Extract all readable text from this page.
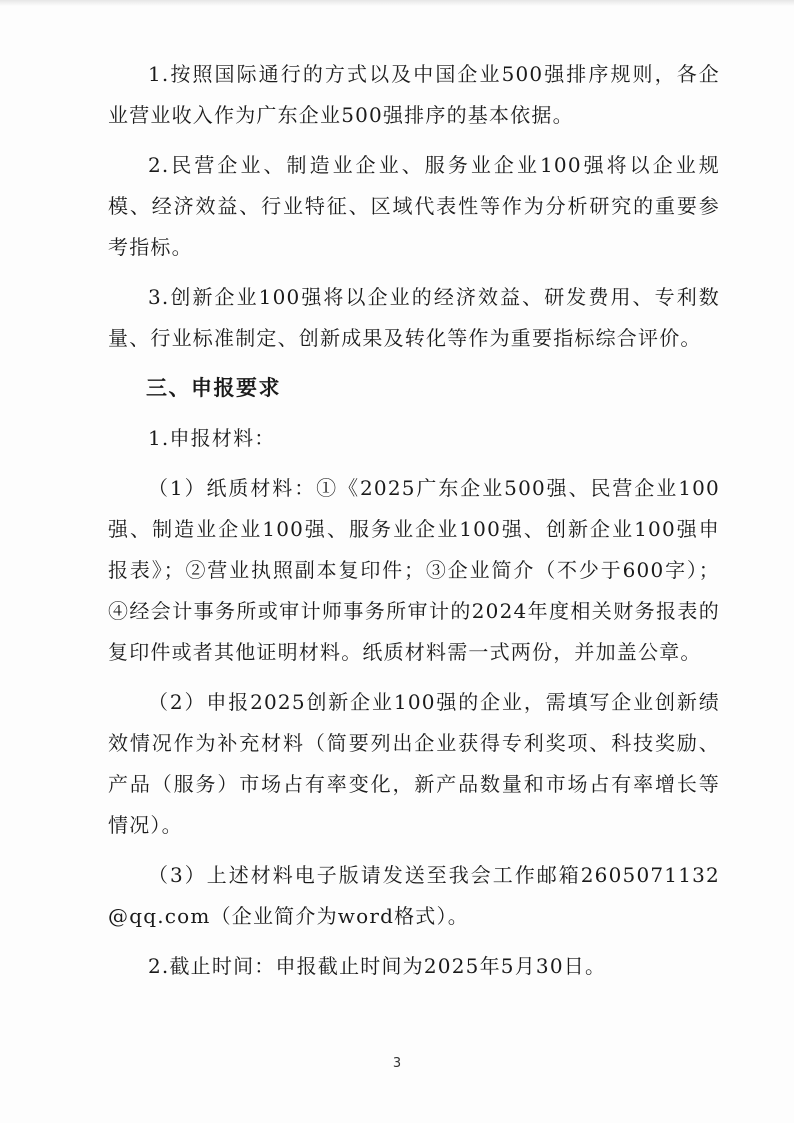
1.按照国际通行的方式以及中国企业500强排序规则，各企业营业收入作为广东企业500强排序的基本依据。

2.民营企业、制造业企业、服务业企业100强将以企业规模、经济效益、行业特征、区域代表性等作为分析研究的重要参考指标。

3.创新企业100强将以企业的经济效益、研发费用、专利数量、行业标准制定、创新成果及转化等作为重要指标综合评价。

三、申报要求

1.申报材料：

（1）纸质材料：①《2025广东企业500强、民营企业100强、制造业企业100强、服务业企业100强、创新企业100强申报表》；②营业执照副本复印件；③企业简介（不少于600字）；④经会计事务所或审计师事务所审计的2024年度相关财务报表的复印件或者其他证明材料。纸质材料需一式两份，并加盖公章。

（2）申报2025创新企业100强的企业，需填写企业创新绩效情况作为补充材料（简要列出企业获得专利奖项、科技奖励、产品（服务）市场占有率变化，新产品数量和市场占有率增长等情况）。

（3）上述材料电子版请发送至我会工作邮箱2605071132@qq.com（企业简介为word格式）。

2.截止时间：申报截止时间为2025年5月30日。

3
